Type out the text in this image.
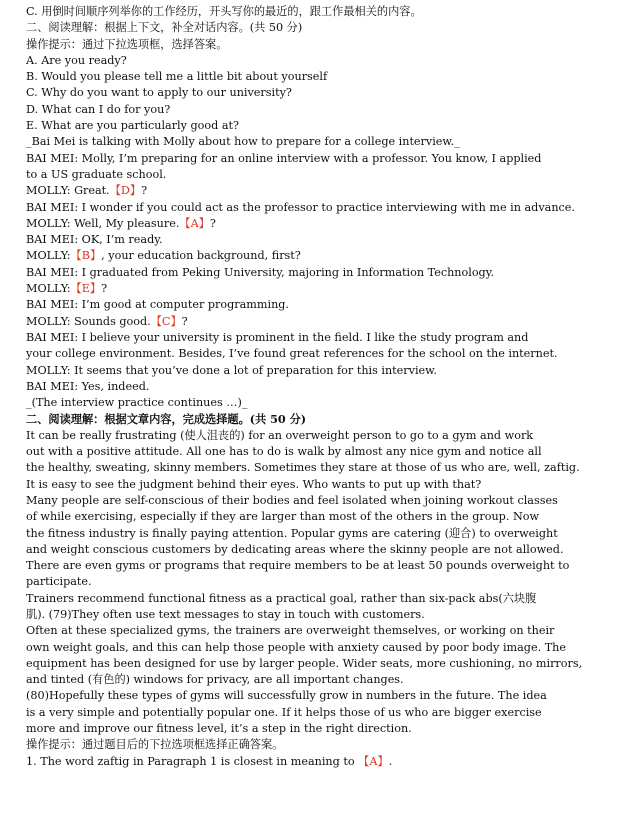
C. 用倒时间顺序列举你的工作经历，开头写你的最近的，跟工作最相关的内容。
二、阅读理解：根据上下文，补全对话内容。(共 50 分)
操作提示：通过下拉选项框，选择答案。
A. Are you ready?
B. Would you please tell me a little bit about yourself
C. Why do you want to apply to our university?
D. What can I do for you?
E. What are you particularly good at?
_Bai Mei is talking with Molly about how to prepare for a college interview._
BAI MEI: Molly, I’m preparing for an online interview with a professor. You know, I applied
to a US graduate school.
MOLLY: Great.【D】?
BAI MEI: I wonder if you could act as the professor to practice interviewing with me in advance.
MOLLY: Well, My pleasure.【A】?
BAI MEI: OK, I’m ready.
MOLLY:【B】, your education background, first?
BAI MEI: I graduated from Peking University, majoring in Information Technology.
MOLLY:【E】?
BAI MEI: I’m good at computer programming.
MOLLY: Sounds good.【C】?
BAI MEI: I believe your university is prominent in the field. I like the study program and
your college environment. Besides, I’ve found great references for the school on the internet.
MOLLY: It seems that you’ve done a lot of preparation for this interview.
BAI MEI: Yes, indeed.
_(The interview practice continues …)_
二、阅读理解：根据文章内容，完成选择题。(共 50 分)
It can be really frustrating (使人沮丧的) for an overweight person to go to a gym and work
out with a positive attitude. All one has to do is walk by almost any nice gym and notice all
the healthy, sweating, skinny members. Sometimes they stare at those of us who are, well, zaftig.
It is easy to see the judgment behind their eyes. Who wants to put up with that?
Many people are self-conscious of their bodies and feel isolated when joining workout classes
of while exercising, especially if they are larger than most of the others in the group. Now
the fitness industry is finally paying attention. Popular gyms are catering (迎合) to overweight
and weight conscious customers by dedicating areas where the skinny people are not allowed.
There are even gyms or programs that require members to be at least 50 pounds overweight to
participate.
Trainers recommend functional fitness as a practical goal, rather than six-pack abs(六块腹
肌). (79)They often use text messages to stay in touch with customers.
Often at these specialized gyms, the trainers are overweight themselves, or working on their
own weight goals, and this can help those people with anxiety caused by poor body image. The
equipment has been designed for use by larger people. Wider seats, more cushioning, no mirrors,
and tinted (有色的) windows for privacy, are all important changes.
(80)Hopefully these types of gyms will successfully grow in numbers in the future. The idea
is a very simple and potentially popular one. If it helps those of us who are bigger exercise
more and improve our fitness level, it’s a step in the right direction.
操作提示：通过题目后的下拉选项框选择正确答案。
1. The word zaftig in Paragraph 1 is closest in meaning to 【A】.
